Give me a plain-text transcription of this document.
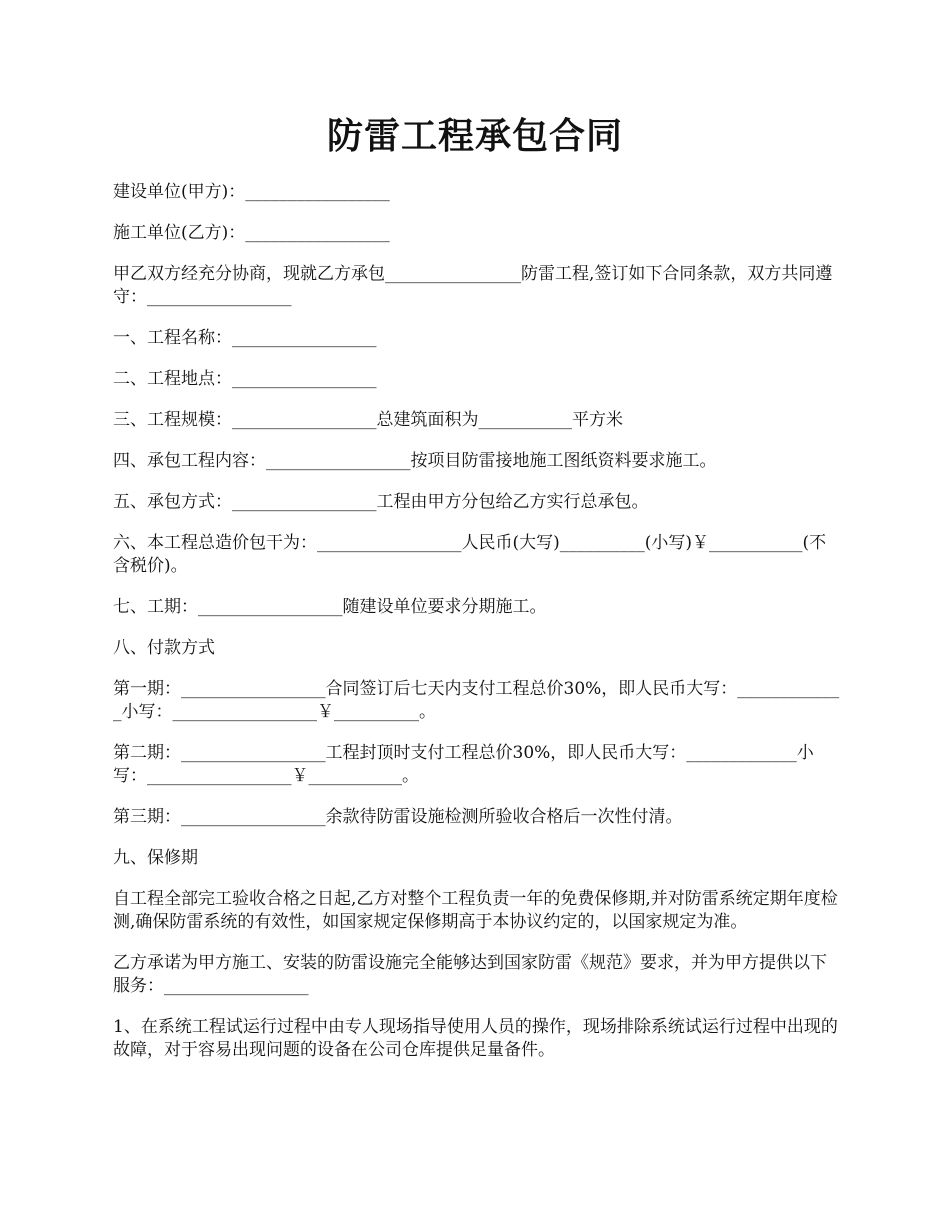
防雷工程承包合同

建设单位(甲方)：_________________

施工单位(乙方)：_________________

甲乙双方经充分协商，现就乙方承包________________防雷工程,签订如下合同条款，双方共同遵守：_________________

一、工程名称：_________________

二、工程地点：_________________

三、工程规模：_________________总建筑面积为___________平方米

四、承包工程内容：_________________按项目防雷接地施工图纸资料要求施工。

五、承包方式：_________________工程由甲方分包给乙方实行总承包。

六、本工程总造价包干为：_________________人民币(大写)__________(小写)￥___________(不含税价)。

七、工期：_________________随建设单位要求分期施工。

八、付款方式

第一期：_________________合同签订后七天内支付工程总价30%，即人民币大写：_____________小写：_________________￥__________。

第二期：_________________工程封顶时支付工程总价30%，即人民币大写：_____________小写：_________________￥___________。

第三期：_________________余款待防雷设施检测所验收合格后一次性付清。

九、保修期

自工程全部完工验收合格之日起,乙方对整个工程负责一年的免费保修期,并对防雷系统定期年度检测,确保防雷系统的有效性，如国家规定保修期高于本协议约定的，以国家规定为准。

乙方承诺为甲方施工、安装的防雷设施完全能够达到国家防雷《规范》要求，并为甲方提供以下服务：_________________

1、在系统工程试运行过程中由专人现场指导使用人员的操作，现场排除系统试运行过程中出现的故障，对于容易出现问题的设备在公司仓库提供足量备件。
